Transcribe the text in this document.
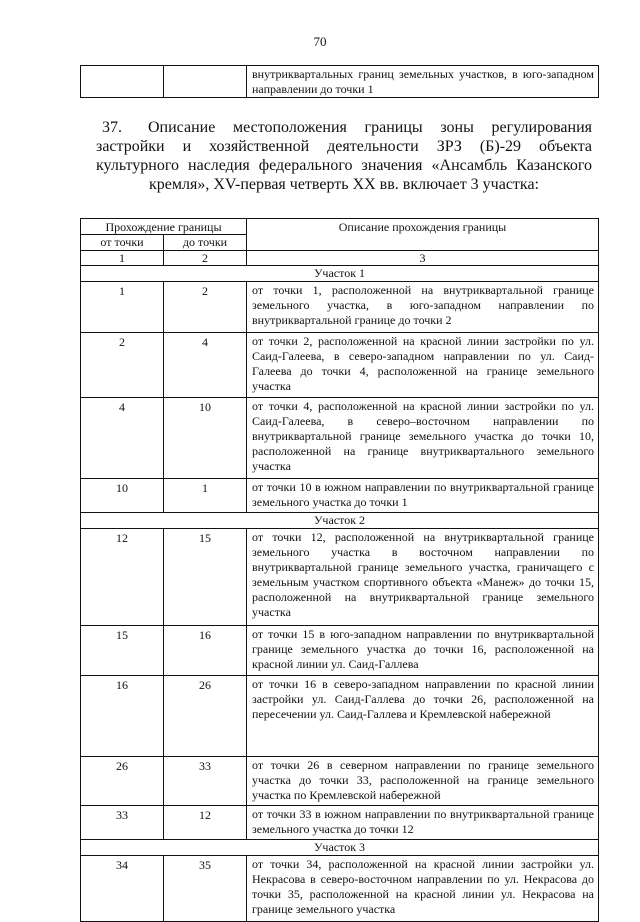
70
		внутриквартальных границ земельных участков, в юго-западном направлении до точки 1
37.	Описание местоположения границы зоны регулирования застройки и хозяйственной деятельности ЗРЗ (Б)-29 объекта культурного наследия федерального значения «Ансамбль Казанского кремля», XV-первая четверть XX вв. включает 3 участка:

Прохождение границы		Описание прохождения границы
от точки	до точки	
1	2	3
Участок 1		
1	2	от точки 1, расположенной на внутриквартальной границе земельного участка, в юго-западном направлении по внутриквартальной границе до точки 2
2	4	от точки 2, расположенной на красной линии застройки по ул. Саид-Галеева, в северо-западном направлении по ул. Саид-Галеева до точки 4, расположенной на границе земельного участка
4	10	от точки 4, расположенной на красной линии застройки по ул. Саид-Галеева, в северо–восточном направлении по внутриквартальной границе земельного участка до точки 10, расположенной на границе внутриквартального земельного участка
10	1	от точки 10 в южном направлении по внутриквартальной границе земельного участка до точки 1
Участок 2		
12	15	от точки 12, расположенной на внутриквартальной границе земельного участка в восточном направлении по внутриквартальной границе земельного участка, граничащего с земельным участком спортивного объекта «Манеж» до точки 15, расположенной на внутриквартальной границе земельного участка
15	16	от точки 15 в юго-западном направлении по внутриквартальной границе земельного участка до точки 16, расположенной на красной линии ул. Саид-Галлева
16	26	от точки 16 в северо-западном направлении по красной линии застройки ул. Саид-Галлева до точки 26, расположенной на пересечении ул. Саид-Галлева и Кремлевской набережной
26	33	от точки 26 в северном направлении по границе земельного участка до точки 33, расположенной на границе земельного участка по Кремлевской набережной
33	12	от точки 33 в южном направлении по внутриквартальной границе земельного участка до точки 12
Участок 3		
34	35	от точки 34, расположенной на красной линии застройки ул. Некрасова в северо-восточном направлении по ул. Некрасова до точки 35, расположенной на красной линии ул. Некрасова на границе земельного участка
